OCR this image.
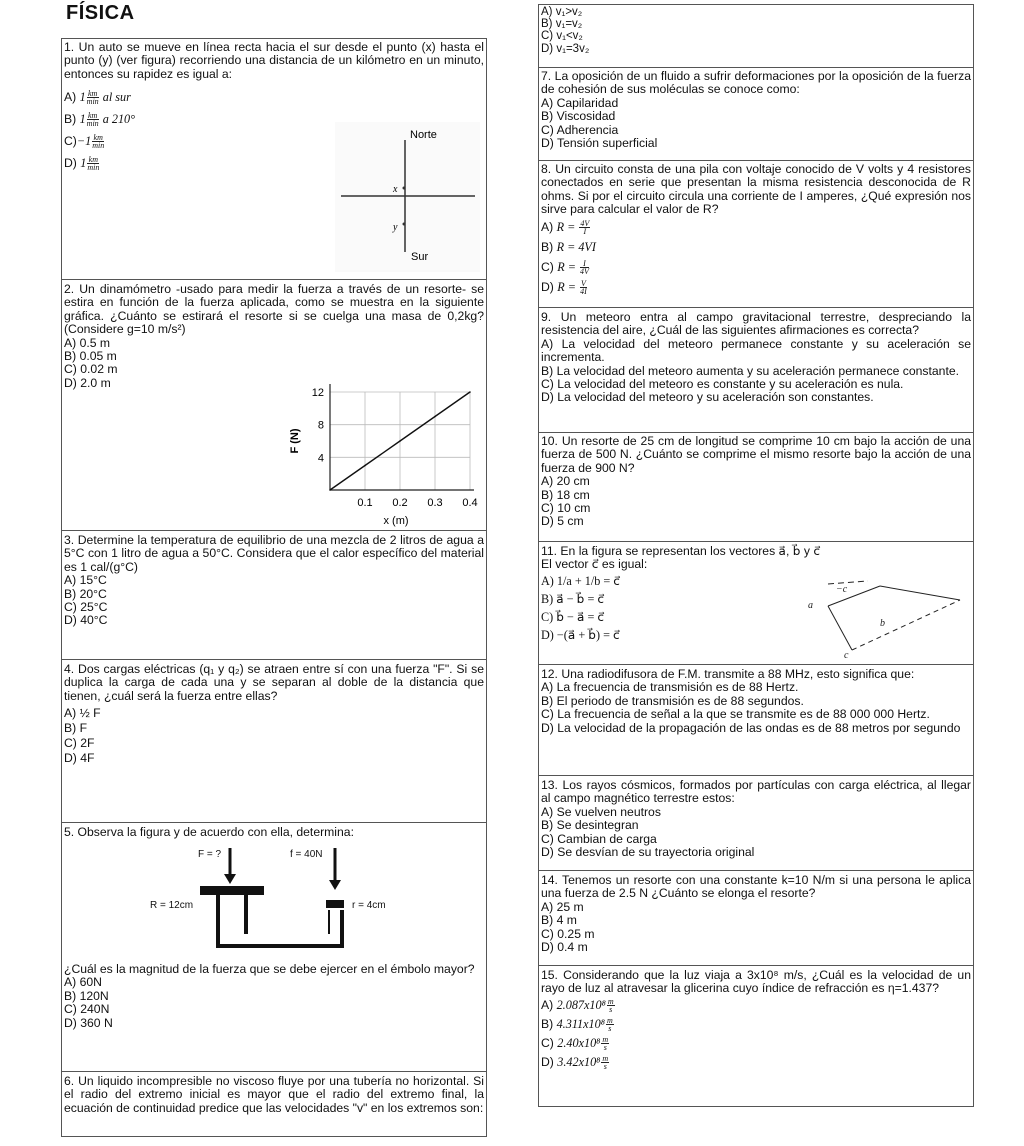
FÍSICA

1. Un auto se mueve en línea recta hacia el sur desde el punto (x) hasta el punto (y) (ver figura) recorriendo una distancia de un kilómetro en un minuto, entonces su rapidez es igual a:

A) $1 \frac{km}{\min}$ al sur
B) $1 \frac{km}{\min}$ a 210°
$C)-1 \frac{km}{\min}$
D) $1 \frac{km}{\min}$
Norte
Sur
x
y

2. Un dinamómetro -usado para medir la fuerza a través de un resorte- se estira en función de la fuerza aplicada, como se muestra en la siguiente gráfica. ¿Cuánto se estirará el resorte si se cuelga una masa de 0,2kg? (Considere g=10 m/s²)

A) 0.5 m
B) 0.05 m
C) 0.02 m
D) 2.0 m
4
8
12
0.1 0.2 0.3 0.4
F (N)
x (m)

3. Determine la temperatura de equilibrio de una mezcla de 2 litros de agua a 5°C con 1 litro de agua a 50°C. Considera que el calor específico del material es 1 cal/(g°C)

A) 15°C
B) 20°C
C) 25°C
D) 40°C

4. Dos cargas eléctricas (q₁ y q₂) se atraen entre sí con una fuerza "F". Si se duplica la carga de cada una y se separan al doble de la distancia que tienen, ¿cuál será la fuerza entre ellas?

A) ½ F
B) F
C) 2F
D) 4F

5. Observa la figura y de acuerdo con ella, determina:

F = ?	f = 40N
R = 12cm	r = 4cm

¿Cuál es la magnitud de la fuerza que se debe ejercer en el émbolo mayor?

A) 60N
B) 120N
C) 240N
D) 360 N

6. Un liquido incompresible no viscoso fluye por una tubería no horizontal. Si el radio del extremo inicial es mayor que el radio del extremo final, la ecuación de continuidad predice que las velocidades "v" en los extremos son:

A) v₁>v₂
B) v₁=v₂
C) v₁<v₂
D) v₁=3v₂

7. La oposición de un fluido a sufrir deformaciones por la oposición de la fuerza de cohesión de sus moléculas se conoce como:

A) Capilaridad
B) Viscosidad
C) Adherencia
D) Tensión superficial

8. Un circuito consta de una pila con voltaje conocido de V volts y 4 resistores conectados en serie que presentan la misma resistencia desconocida de R ohms. Si por el circuito circula una corriente de I amperes, ¿Qué expresión nos sirve para calcular el valor de R?

A) $R = \frac{4V}{I}$
B) R = 4VI
C) $R = \frac{I}{4V}$
D) $R = \frac{V}{4I}$

9. Un meteoro entra al campo gravitacional terrestre, despreciando la resistencia del aire, ¿Cuál de las siguientes afirmaciones es correcta?

A) La velocidad del meteoro permanece constante y su aceleración se incrementa.

B) La velocidad del meteoro aumenta y su aceleración permanece constante.

C) La velocidad del meteoro es constante y su aceleración es nula.

D) La velocidad del meteoro y su aceleración son constantes.

10. Un resorte de 25 cm de longitud se comprime 10 cm bajo la acción de una fuerza de 500 N. ¿Cuánto se comprime el mismo resorte bajo la acción de una fuerza de 900 N?

A) 20 cm
B) 18 cm
C) 10 cm
D) 5 cm

11. En la figura se representan los vectores a⃗, b⃗ y c⃗

El vector c⃗ es igual:

A) 1/a + 1/b = c⃗
B) a⃗ − b⃗ = c⃗
C) b⃗ − a⃗ = c⃗
D) −(a⃗ + b⃗) = c⃗
a⃗
b⃗
−c⃗
c⃗

12. Una radiodifusora de F.M. transmite a 88 MHz, esto significa que:

A) La frecuencia de transmisión es de 88 Hertz.

B) El periodo de transmisión es de 88 segundos.

C) La frecuencia de señal a la que se transmite es de 88 000 000 Hertz.

D) La velocidad de la propagación de las ondas es de 88 metros por segundo

13. Los rayos cósmicos, formados por partículas con carga eléctrica, al llegar al campo magnético terrestre estos:

A) Se vuelven neutros
B) Se desintegran
C) Cambian de carga
D) Se desvían de su trayectoria original

14. Tenemos un resorte con una constante k=10 N/m si una persona le aplica una fuerza de 2.5 N ¿Cuánto se elonga el resorte?

A) 25 m
B) 4 m
C) 0.25 m
D) 0.4 m

15. Considerando que la luz viaja a 3x10⁸ m/s, ¿Cuál es la velocidad de un rayo de luz al atravesar la glicerina cuyo índice de refracción es η=1.437?

A) $2.087x10^8 \frac{m}{s}$
B) $4.311x10^8 \frac{m}{s}$
C) $2.40x10^8 \frac{m}{s}$
D) $3.42x10^8 \frac{m}{s}$
